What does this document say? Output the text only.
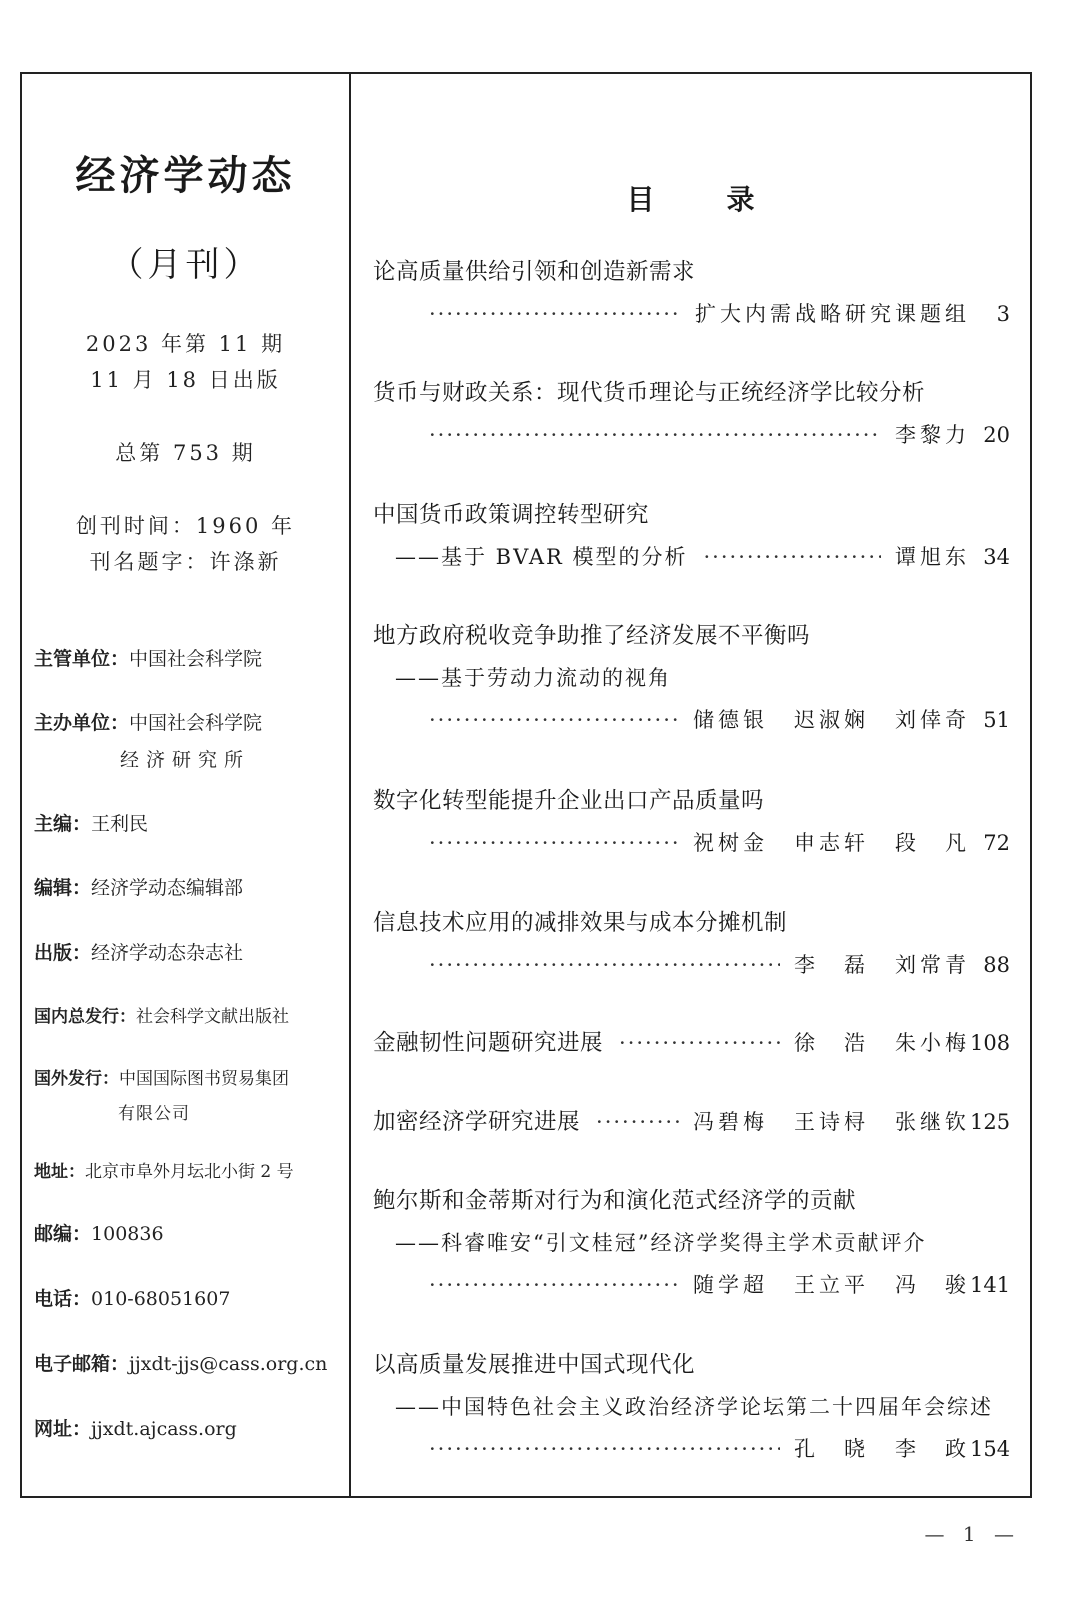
经济学动态
（月刊）
2023 年第 11 期
11 月 18 日出版
总第 753 期
创刊时间：1960 年
刊名题字：许涤新
主管单位：中国社会科学院
主办单位：中国社会科学院
经济研究所
主编：王利民
编辑：经济学动态编辑部
出版：经济学动态杂志社
国内总发行：社会科学文献出版社
国外发行：中国国际图书贸易集团
有限公司
地址：北京市阜外月坛北小街 2 号
邮编：100836
电话：010-68051607
电子邮箱：jjxdt-jjs@cass.org.cn
网址：jjxdt.ajcass.org
目	录
论高质量供给引领和创造新需求
·····
扩大内需战略研究课题组	3
货币与财政关系：现代货币理论与正统经济学比较分析
·····
李黎力 20
中国货币政策调控转型研究
——基于 BVAR 模型的分析 ·····	谭旭东 34
地方政府税收竞争助推了经济发展不平衡吗
——基于劳动力流动的视角
·····
储德银 迟淑娴 刘倖奇 51
数字化转型能提升企业出口产品质量吗
·····
祝树金 申志轩 段　凡 72
信息技术应用的减排效果与成本分摊机制
·····
李　磊 刘常青 88
金融韧性问题研究进展 ·····	徐　浩 朱小梅 108
加密经济学研究进展 ·····	冯碧梅 王诗桪 张继钦 125
鲍尔斯和金蒂斯对行为和演化范式经济学的贡献
——科睿唯安“引文桂冠”经济学奖得主学术贡献评介
·····
随学超 王立平 冯　骏 141
以高质量发展推进中国式现代化
——中国特色社会主义政治经济学论坛第二十四届年会综述
·····
孔　晓 李　政 154
— 1 —
